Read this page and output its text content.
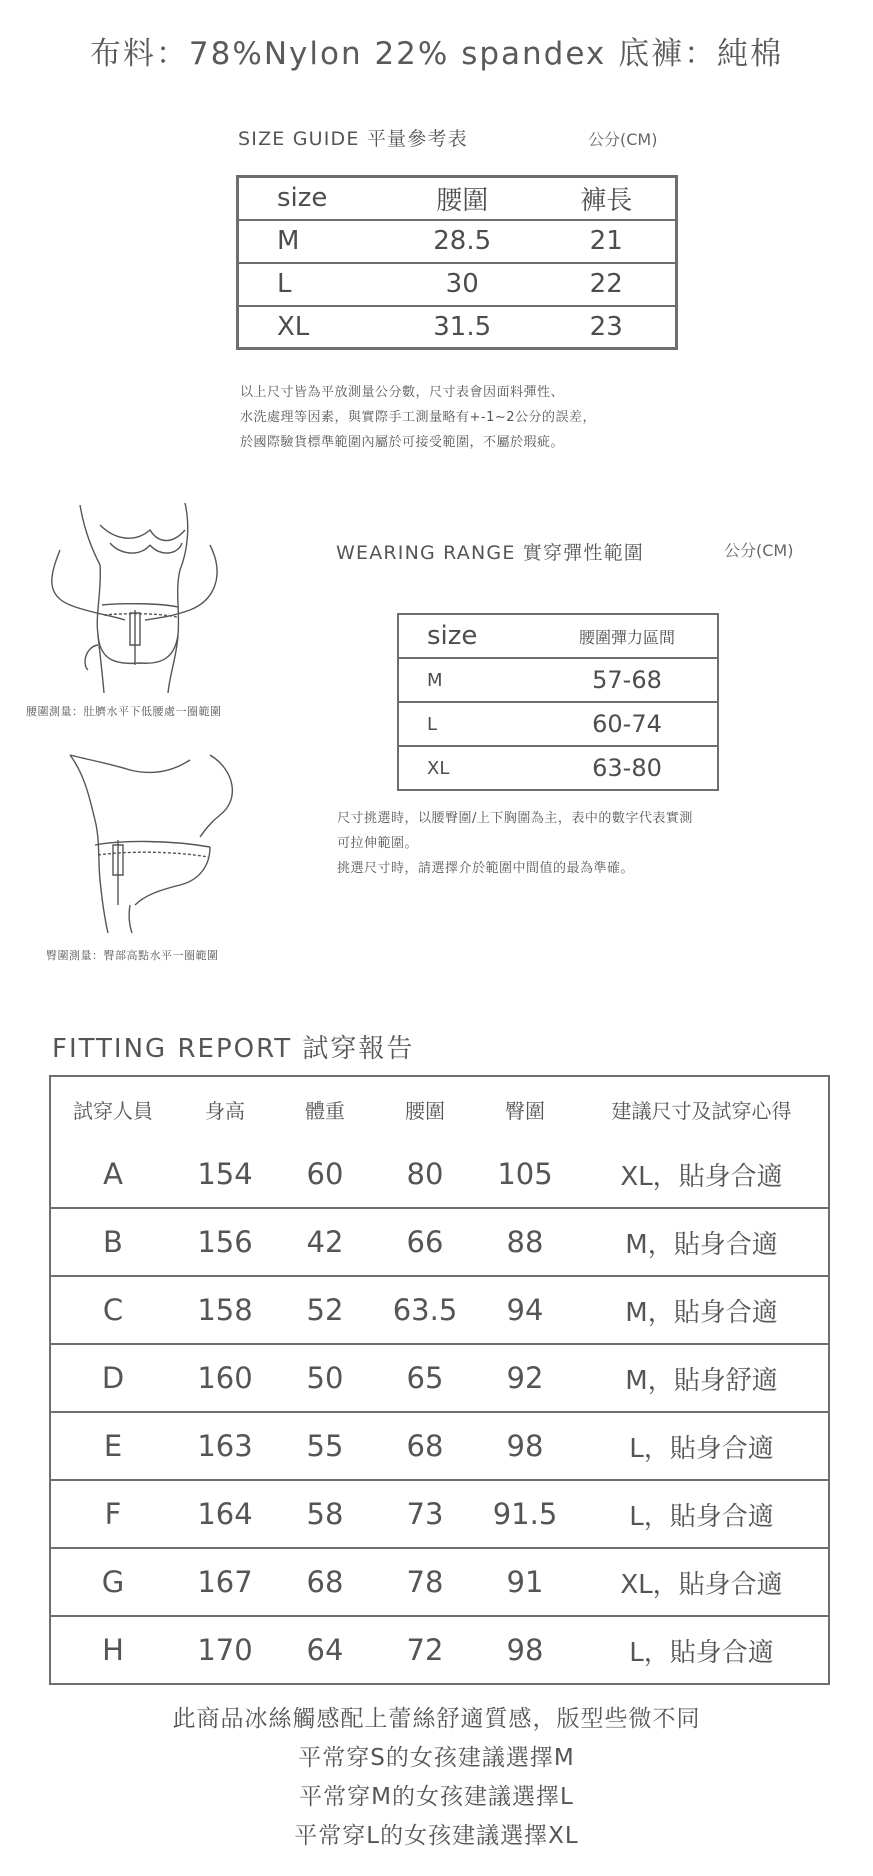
布料：78%Nylon 22% spandex 底褲：純棉
SIZE GUIDE 平量參考表	公分(CM)
size	腰圍	褲長
M	28.5	21
L	30	22
XL	31.5	23
以上尺寸皆為平放測量公分數，尺寸表會因面料彈性、
水洗處理等因素，與實際手工測量略有+-1~2公分的誤差，
於國際驗貨標準範圍內屬於可接受範圍，不屬於瑕疵。
腰圍測量：肚臍水平下低腰處一圈範圍
臀圍測量：臀部高點水平一圈範圍
WEARING RANGE 實穿彈性範圍	公分(CM)
size	腰圍彈力區間
M	57-68
L	60-74
XL	63-80
尺寸挑選時，以腰臀圍/上下胸圍為主，表中的數字代表實測
可拉伸範圍。
挑選尺寸時，請選擇介於範圍中間值的最為準確。
FITTING REPORT 試穿報告
試穿人員	身高	體重	腰圍	臀圍	建議尺寸及試穿心得
A	154	60	80	105	XL，貼身合適
B	156	42	66	88	M，貼身合適
C	158	52	63.5	94	M，貼身合適
D	160	50	65	92	M，貼身舒適
E	163	55	68	98	L，貼身合適
F	164	58	73	91.5	L，貼身合適
G	167	68	78	91	XL，貼身合適
H	170	64	72	98	L，貼身合適
此商品冰絲觸感配上蕾絲舒適質感，版型些微不同
平常穿S的女孩建議選擇M
平常穿M的女孩建議選擇L
平常穿L的女孩建議選擇XL
